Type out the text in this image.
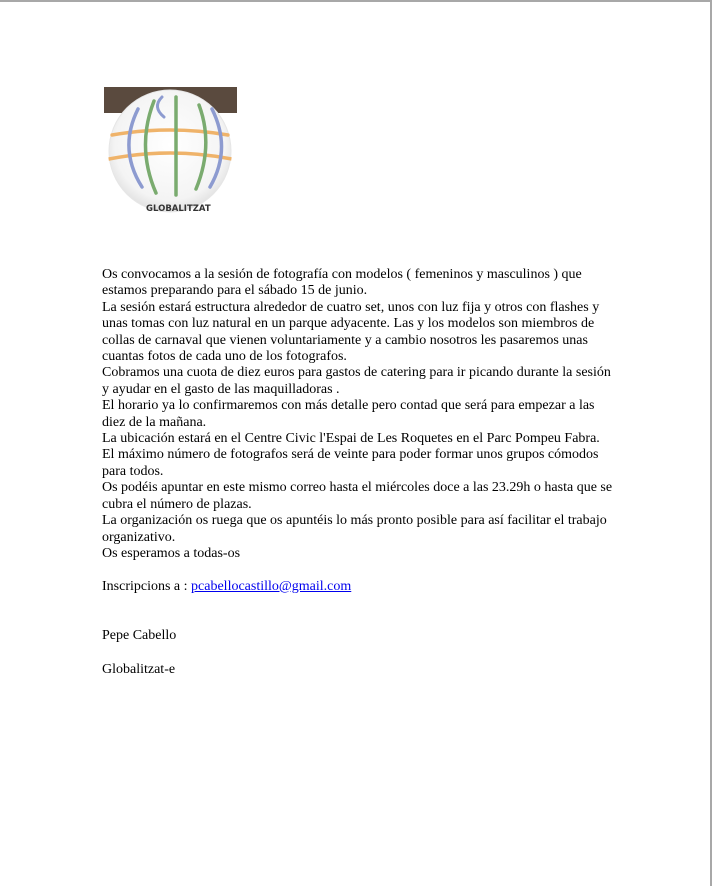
GLOBALITZAT

Os convocamos a la sesión de fotografía con modelos ( femeninos y masculinos ) que estamos preparando para el sábado 15 de junio.

La sesión estará estructura alrededor de cuatro set, unos con luz fija y otros con flashes y unas tomas con luz natural en un parque adyacente. Las y los modelos son miembros de collas de carnaval que vienen voluntariamente y a cambio nosotros les pasaremos unas cuantas fotos de cada uno de los fotografos.

Cobramos una cuota de diez euros para gastos de catering para ir picando durante la sesión y ayudar en el gasto de las maquilladoras .

El horario ya lo confirmaremos con más detalle pero contad que será para empezar a las diez de la mañana.

La ubicación estará en el Centre Civic l'Espai de Les Roquetes en el Parc Pompeu Fabra.

El máximo número de fotografos será de veinte para poder formar unos grupos cómodos para todos.

Os podéis apuntar en este mismo correo hasta el miércoles doce a las 23.29h o hasta que se cubra el número de plazas.

La organización os ruega que os apuntéis lo más pronto posible para así facilitar el trabajo organizativo.

Os esperamos a todas-os

Inscripcions a : pcabellocastillo@gmail.com

Pepe Cabello

Globalitzat-e
